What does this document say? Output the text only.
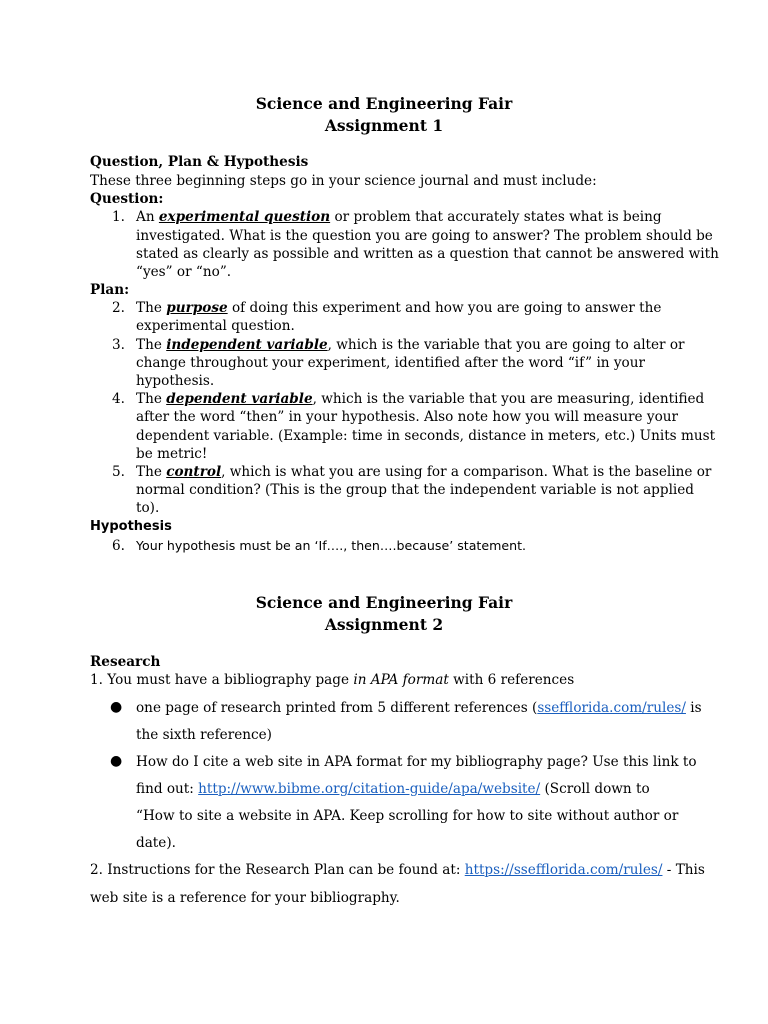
Science and Engineering Fair
Assignment 1
Question, Plan & Hypothesis
These three beginning steps go in your science journal and must include:
Question:
1. An experimental question or problem that accurately states what is being
investigated. What is the question you are going to answer? The problem should be
stated as clearly as possible and written as a question that cannot be answered with
“yes” or “no”.
Plan:
2. The purpose of doing this experiment and how you are going to answer the
experimental question.
3. The independent variable, which is the variable that you are going to alter or
change throughout your experiment, identified after the word “if” in your
hypothesis.
4. The dependent variable, which is the variable that you are measuring, identified
after the word “then” in your hypothesis. Also note how you will measure your
dependent variable. (Example: time in seconds, distance in meters, etc.) Units must
be metric!
5. The control, which is what you are using for a comparison. What is the baseline or
normal condition? (This is the group that the independent variable is not applied
to).
Hypothesis
6. Your hypothesis must be an ‘If…., then….because’ statement.
Science and Engineering Fair
Assignment 2
Research
1. You must have a bibliography page in APA format with 6 references
● one page of research printed from 5 different references (ssefflorida.com/rules/ is
the sixth reference)
● How do I cite a web site in APA format for my bibliography page? Use this link to
find out: http://www.bibme.org/citation-guide/apa/website/ (Scroll down to
“How to site a website in APA. Keep scrolling for how to site without author or
date).
2. Instructions for the Research Plan can be found at: https://ssefflorida.com/rules/ - This
web site is a reference for your bibliography.
